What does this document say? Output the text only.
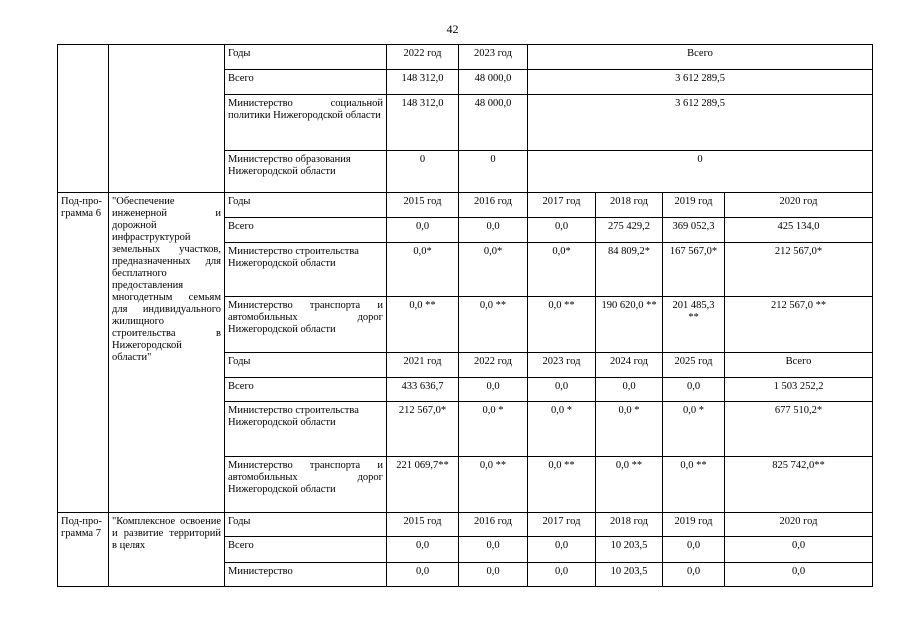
42
		Годы	2022 год	2023 год	Всего			
		Всего	148 312,0	48 000,0	3 612 289,5			
		Министерство социальной политики Нижегородской области	148 312,0	48 000,0	3 612 289,5			
		Министерство образования Нижегородской области	0	0	0			
Под-про-грамма 6	"Обеспечение инженерной и дорожной инфраструктурой земельных участков, предназначенных для бесплатного предоставления многодетным семьям для индивидуального жилищного строительства в Нижегородской области"	Годы	2015 год	2016 год	2017 год	2018 год	2019 год	2020 год
		Всего	0,0	0,0	0,0	275 429,2	369 052,3	425 134,0
		Министерство строительства Нижегородской области	0,0*	0,0*	0,0*	84 809,2*	167 567,0*	212 567,0*
		Министерство транспорта и автомобильных дорог Нижегородской области	0,0 **	0,0 **	0,0 **	190 620,0 **	201 485,3 **	212 567,0 **
		Годы	2021 год	2022 год	2023 год	2024 год	2025 год	Всего
		Всего	433 636,7	0,0	0,0	0,0	0,0	1 503 252,2
		Министерство строительства Нижегородской области	212 567,0*	0,0 *	0,0 *	0,0 *	0,0 *	677 510,2*
		Министерство транспорта и автомобильных дорог Нижегородской области	221 069,7**	0,0 **	0,0 **	0,0 **	0,0 **	825 742,0**
Под-про-грамма 7	"Комплексное освоение и развитие территорий в целях	Годы	2015 год	2016 год	2017 год	2018 год	2019 год	2020 год
		Всего	0,0	0,0	0,0	10 203,5	0,0	0,0
		Министерство	0,0	0,0	0,0	10 203,5	0,0	0,0
